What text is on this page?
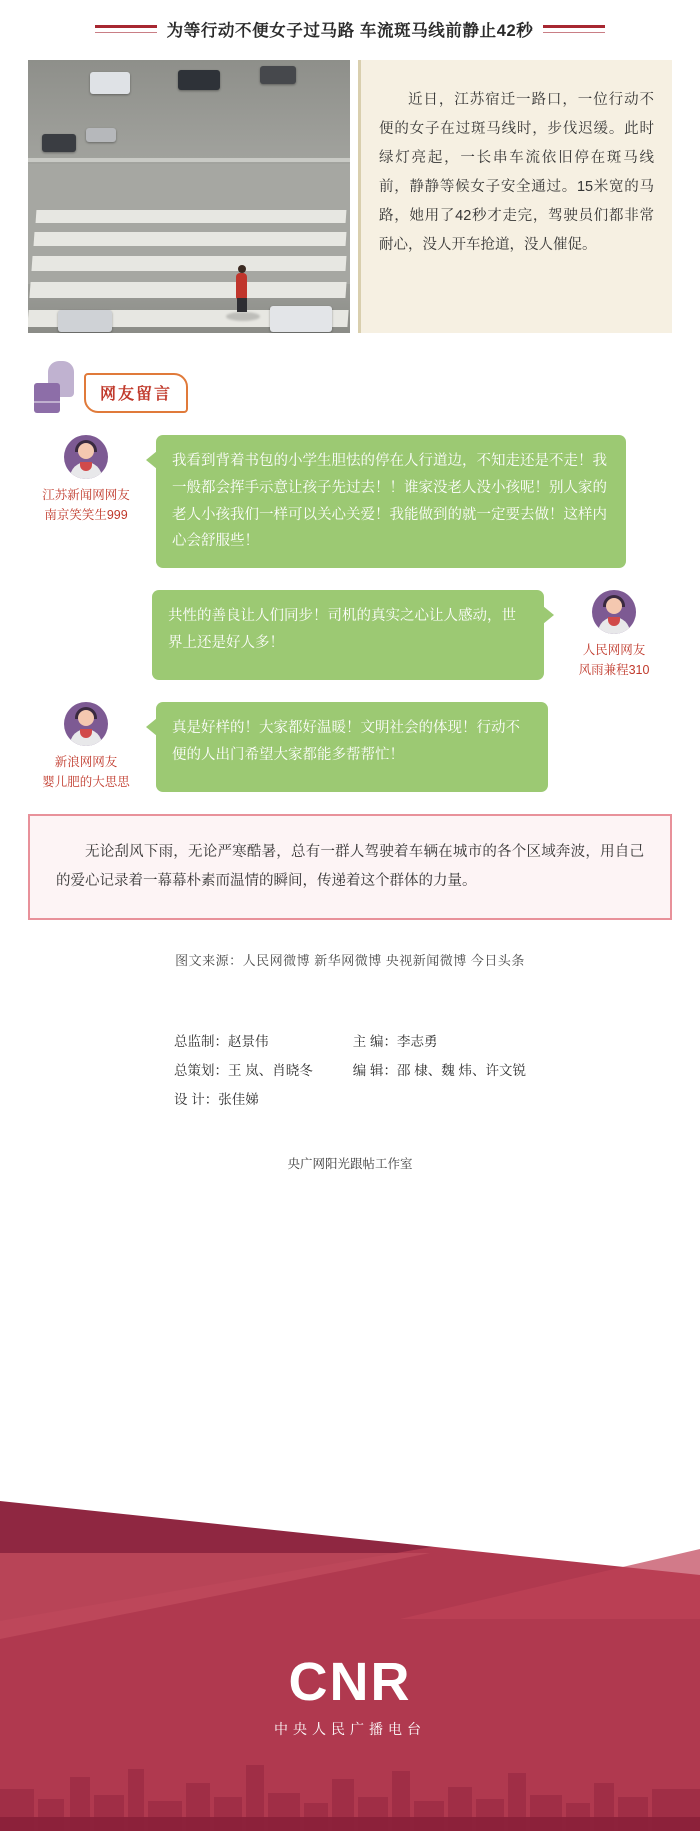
为等行动不便女子过马路 车流斑马线前静止42秒

近日，江苏宿迁一路口，一位行动不便的女子在过斑马线时，步伐迟缓。此时绿灯亮起，一长串车流依旧停在斑马线前，静静等候女子安全通过。15米宽的马路，她用了42秒才走完，驾驶员们都非常耐心，没人开车抢道，没人催促。

网友留言
江苏新闻网网友
南京笑笑生999
我看到背着书包的小学生胆怯的停在人行道边，不知走还是不走！我一般都会挥手示意让孩子先过去！！谁家没老人没小孩呢！别人家的老人小孩我们一样可以关心关爱！我能做到的就一定要去做！这样内心会舒服些！
人民网网友
风雨兼程310
共性的善良让人们同步！司机的真实之心让人感动，世界上还是好人多！
新浪网网友
婴儿肥的大思思
真是好样的！大家都好温暖！文明社会的体现！行动不便的人出门希望大家都能多帮帮忙！

无论刮风下雨，无论严寒酷暑，总有一群人驾驶着车辆在城市的各个区域奔波，用自己的爱心记录着一幕幕朴素而温情的瞬间，传递着这个群体的力量。

图文来源：人民网微博 新华网微博 央视新闻微博 今日头条
总监制：赵景伟
总策划：王 岚、肖晓冬
设 计：张佳娣
主 编：李志勇
编 辑：邵 棣、魏 炜、许文锐
央广网阳光跟帖工作室
CNR
中央人民广播电台
